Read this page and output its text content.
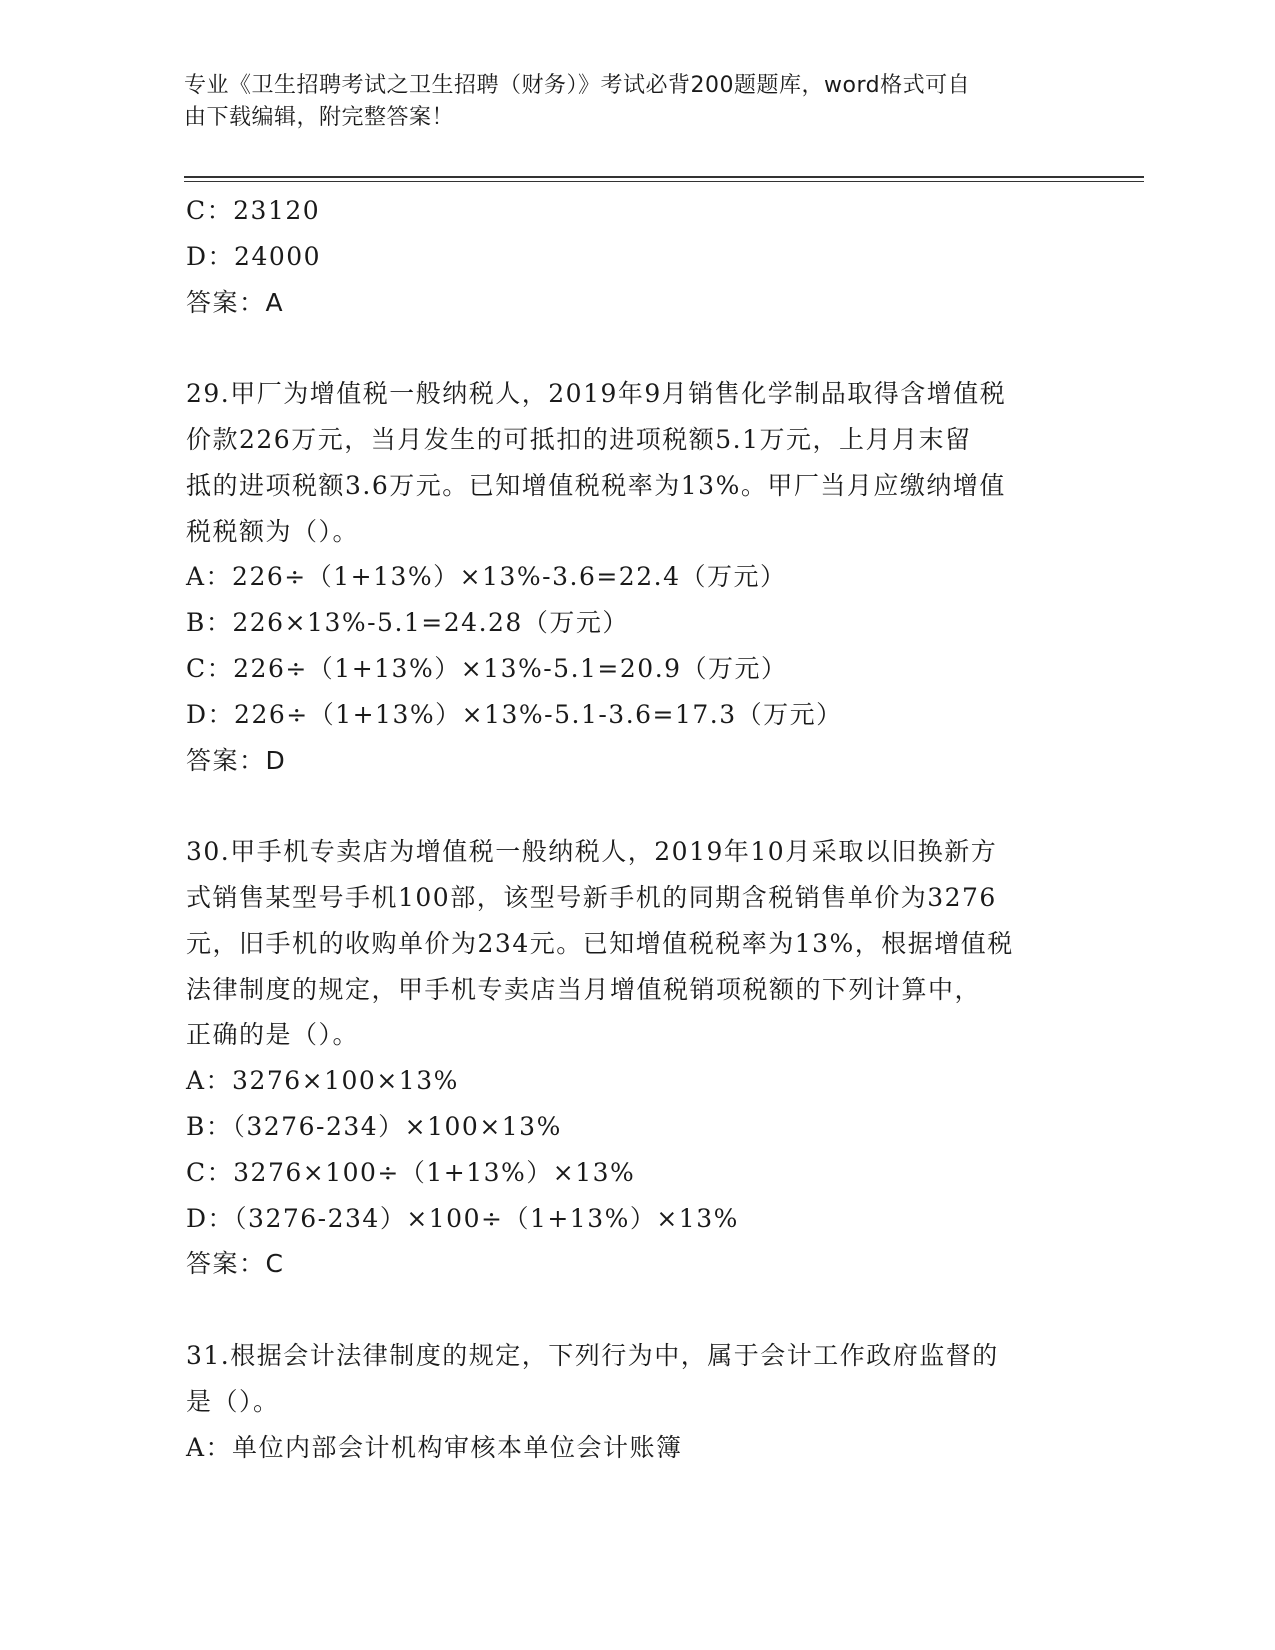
专业《卫生招聘考试之卫生招聘（财务）》考试必背200题题库，word格式可自
由下载编辑，附完整答案！
C：23120
D：24000
答案：A
29.甲厂为增值税一般纳税人，2019年9月销售化学制品取得含增值税
价款226万元，当月发生的可抵扣的进项税额5.1万元，上月月末留
抵的进项税额3.6万元。已知增值税税率为13%。甲厂当月应缴纳增值
税税额为（）。
A：226÷（1+13%）×13%-3.6=22.4（万元）
B：226×13%-5.1=24.28（万元）
C：226÷（1+13%）×13%-5.1=20.9（万元）
D：226÷（1+13%）×13%-5.1-3.6=17.3（万元）
答案：D
30.甲手机专卖店为增值税一般纳税人，2019年10月采取以旧换新方
式销售某型号手机100部，该型号新手机的同期含税销售单价为3276
元，旧手机的收购单价为234元。已知增值税税率为13%，根据增值税
法律制度的规定，甲手机专卖店当月增值税销项税额的下列计算中，
正确的是（）。
A：3276×100×13%
B：（3276-234）×100×13%
C：3276×100÷（1+13%）×13%
D：（3276-234）×100÷（1+13%）×13%
答案：C
31.根据会计法律制度的规定，下列行为中，属于会计工作政府监督的
是（）。
A：单位内部会计机构审核本单位会计账簿
